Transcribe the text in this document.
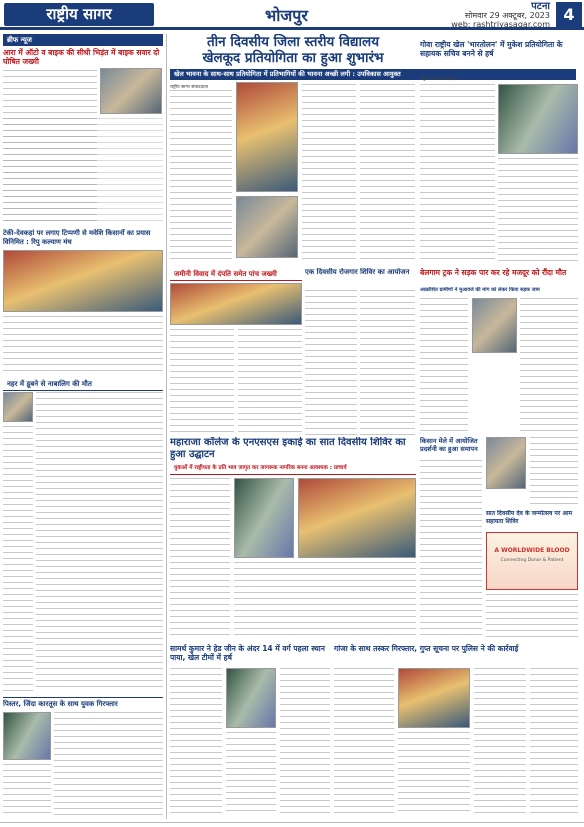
राष्ट्रीय सागर	भोजपुर	पटना
सोमवार 29 अक्टूबर, 2023
web: rashtriyasagar.com
4
ब्रीफ न्यूज
आरा में ऑटो व बाइक की सीधी भिड़ंत में बाइक सवार दो घोषित जख्मी
टेकी-देवकहां पर लगाए टिप्पणी से मवेशि किसानों का प्रयास विनिमित : रिपु कल्याण मंच
नहर में डूबने से नाबालिग की मौत
पिस्तर, जिंदा कारतूस के साथ युवक गिरफ्तार
तीन दिवसीय जिला स्तरीय विद्यालय
खेलकूद प्रतियोगिता का हुआ शुभारंभ
खेल भावना के साथ-साथ प्रतियोगिता में प्रतिभागियों की भावना अच्छी लगी : उपविकास आयुक्त
राष्ट्रीय सागर संवाददाता
गोवा राष्ट्रीय खेल 'भारतोलन' में मुकेश प्रतियोगिता के सहायक सचिव बनने से हर्ष
राष्ट्रीय सागर संवाददाता
जमीनी विवाद में दंपति समेत पांच जख्मी	एक दिवसीय रोजगार शिविर का आयोजन	बेलगाम ट्रक ने सड़क पार कर रहे मजदूर को रौंदा मौत
आक्रोशित ग्रामीणों ने मुआवजे की मांग को लेकर किया सड़क जाम
महाराजा कॉलेज के एनएसएस इकाई का सात दिवसीय शिविर का हुआ उद्घाटन
युवाओं में राष्ट्रीयता के प्रति भाव जागृत कर जागरूक नागरिक बनना आवश्यक : प्राचार्य
किसान मेले में आयोजित प्रदर्शनी का हुआ समापन
सात दिवसीय देव के जन्मोत्सव पर आम सहायता शिविर
A WORLDWIDE BLOOD
Connecting Donor & Patient
सामर्थ कुमार ने हेड जीन के अंदर 14 में वर्ग पहला स्थान पाया, खेल टीमों में हर्ष
गांजा के साथ तस्कर गिरफ्तार, गुप्त सूचना पर पुलिस ने की कार्रवाई
